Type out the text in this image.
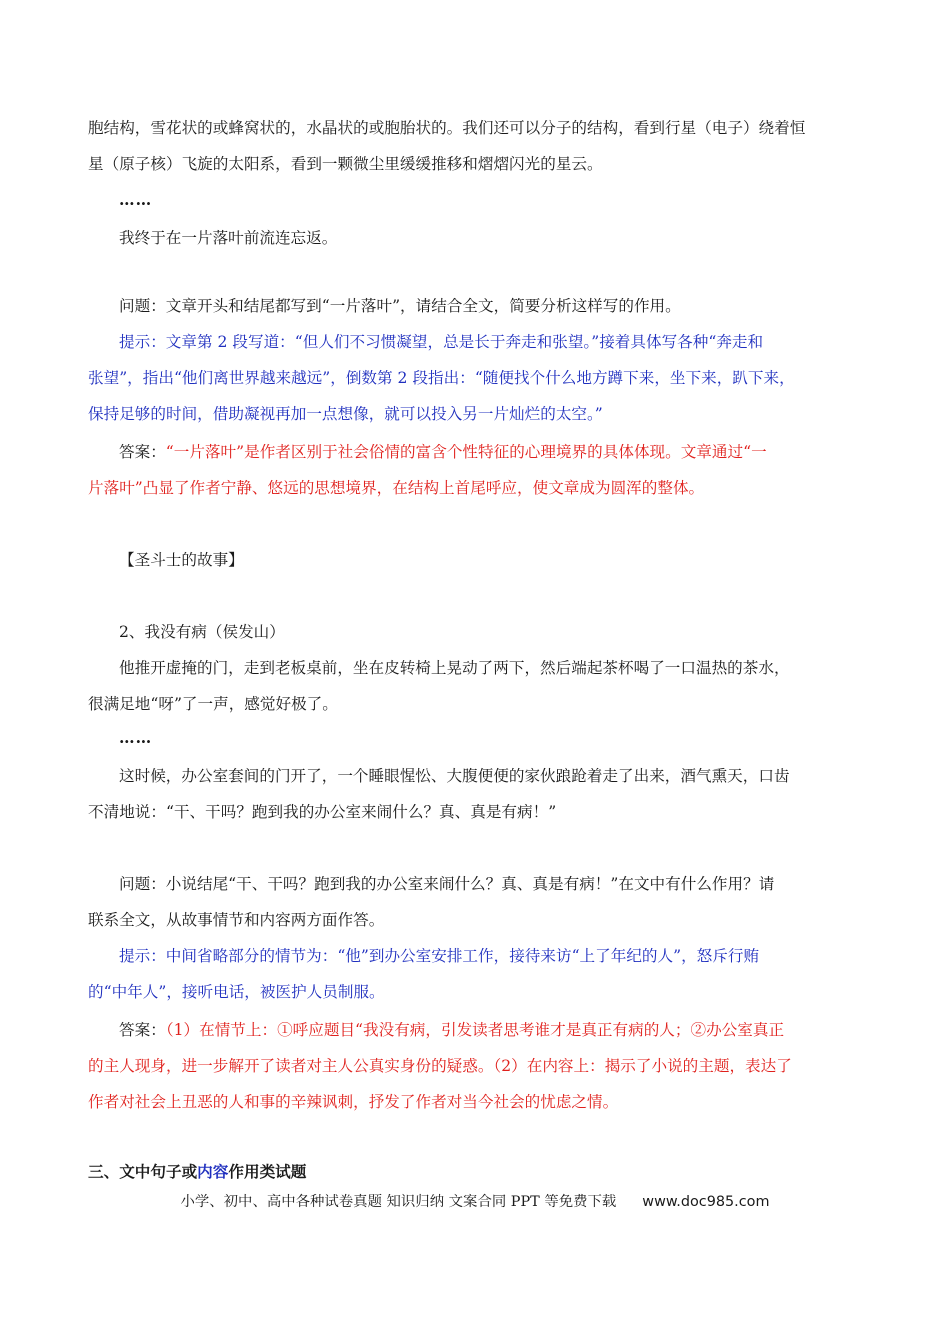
胞结构，雪花状的或蜂窝状的，水晶状的或胞胎状的。我们还可以分子的结构，看到行星（电子）绕着恒
星（原子核）飞旋的太阳系，看到一颗微尘里缓缓推移和熠熠闪光的星云。
……
我终于在一片落叶前流连忘返。
问题：文章开头和结尾都写到“一片落叶”，请结合全文，简要分析这样写的作用。
提示：文章第 2 段写道：“但人们不习惯凝望，总是长于奔走和张望。”接着具体写各种“奔走和
张望”，指出“他们离世界越来越远”，倒数第 2 段指出：“随便找个什么地方蹲下来，坐下来，趴下来，
保持足够的时间，借助凝视再加一点想像，就可以投入另一片灿烂的太空。”
答案：“一片落叶”是作者区别于社会俗情的富含个性特征的心理境界的具体体现。文章通过“一
片落叶”凸显了作者宁静、悠远的思想境界，在结构上首尾呼应，使文章成为圆浑的整体。
【圣斗士的故事】
2、我没有病（侯发山）
他推开虚掩的门，走到老板桌前，坐在皮转椅上晃动了两下，然后端起茶杯喝了一口温热的茶水，
很满足地“呀”了一声，感觉好极了。
……
这时候，办公室套间的门开了，一个睡眼惺忪、大腹便便的家伙踉跄着走了出来，酒气熏天，口齿
不清地说：“干、干吗？跑到我的办公室来闹什么？真、真是有病！”
问题：小说结尾“干、干吗？跑到我的办公室来闹什么？真、真是有病！”在文中有什么作用？请
联系全文，从故事情节和内容两方面作答。
提示：中间省略部分的情节为：“他”到办公室安排工作，接待来访“上了年纪的人”，怒斥行贿
的“中年人”，接听电话，被医护人员制服。
答案：（1）在情节上：①呼应题目“我没有病，引发读者思考谁才是真正有病的人；②办公室真正
的主人现身，进一步解开了读者对主人公真实身份的疑惑。（2）在内容上：揭示了小说的主题，表达了
作者对社会上丑恶的人和事的辛辣讽刺，抒发了作者对当今社会的忧虑之情。
三、文中句子或内容作用类试题
小学、初中、高中各种试卷真题 知识归纳 文案合同 PPT 等免费下载 www.doc985.com
